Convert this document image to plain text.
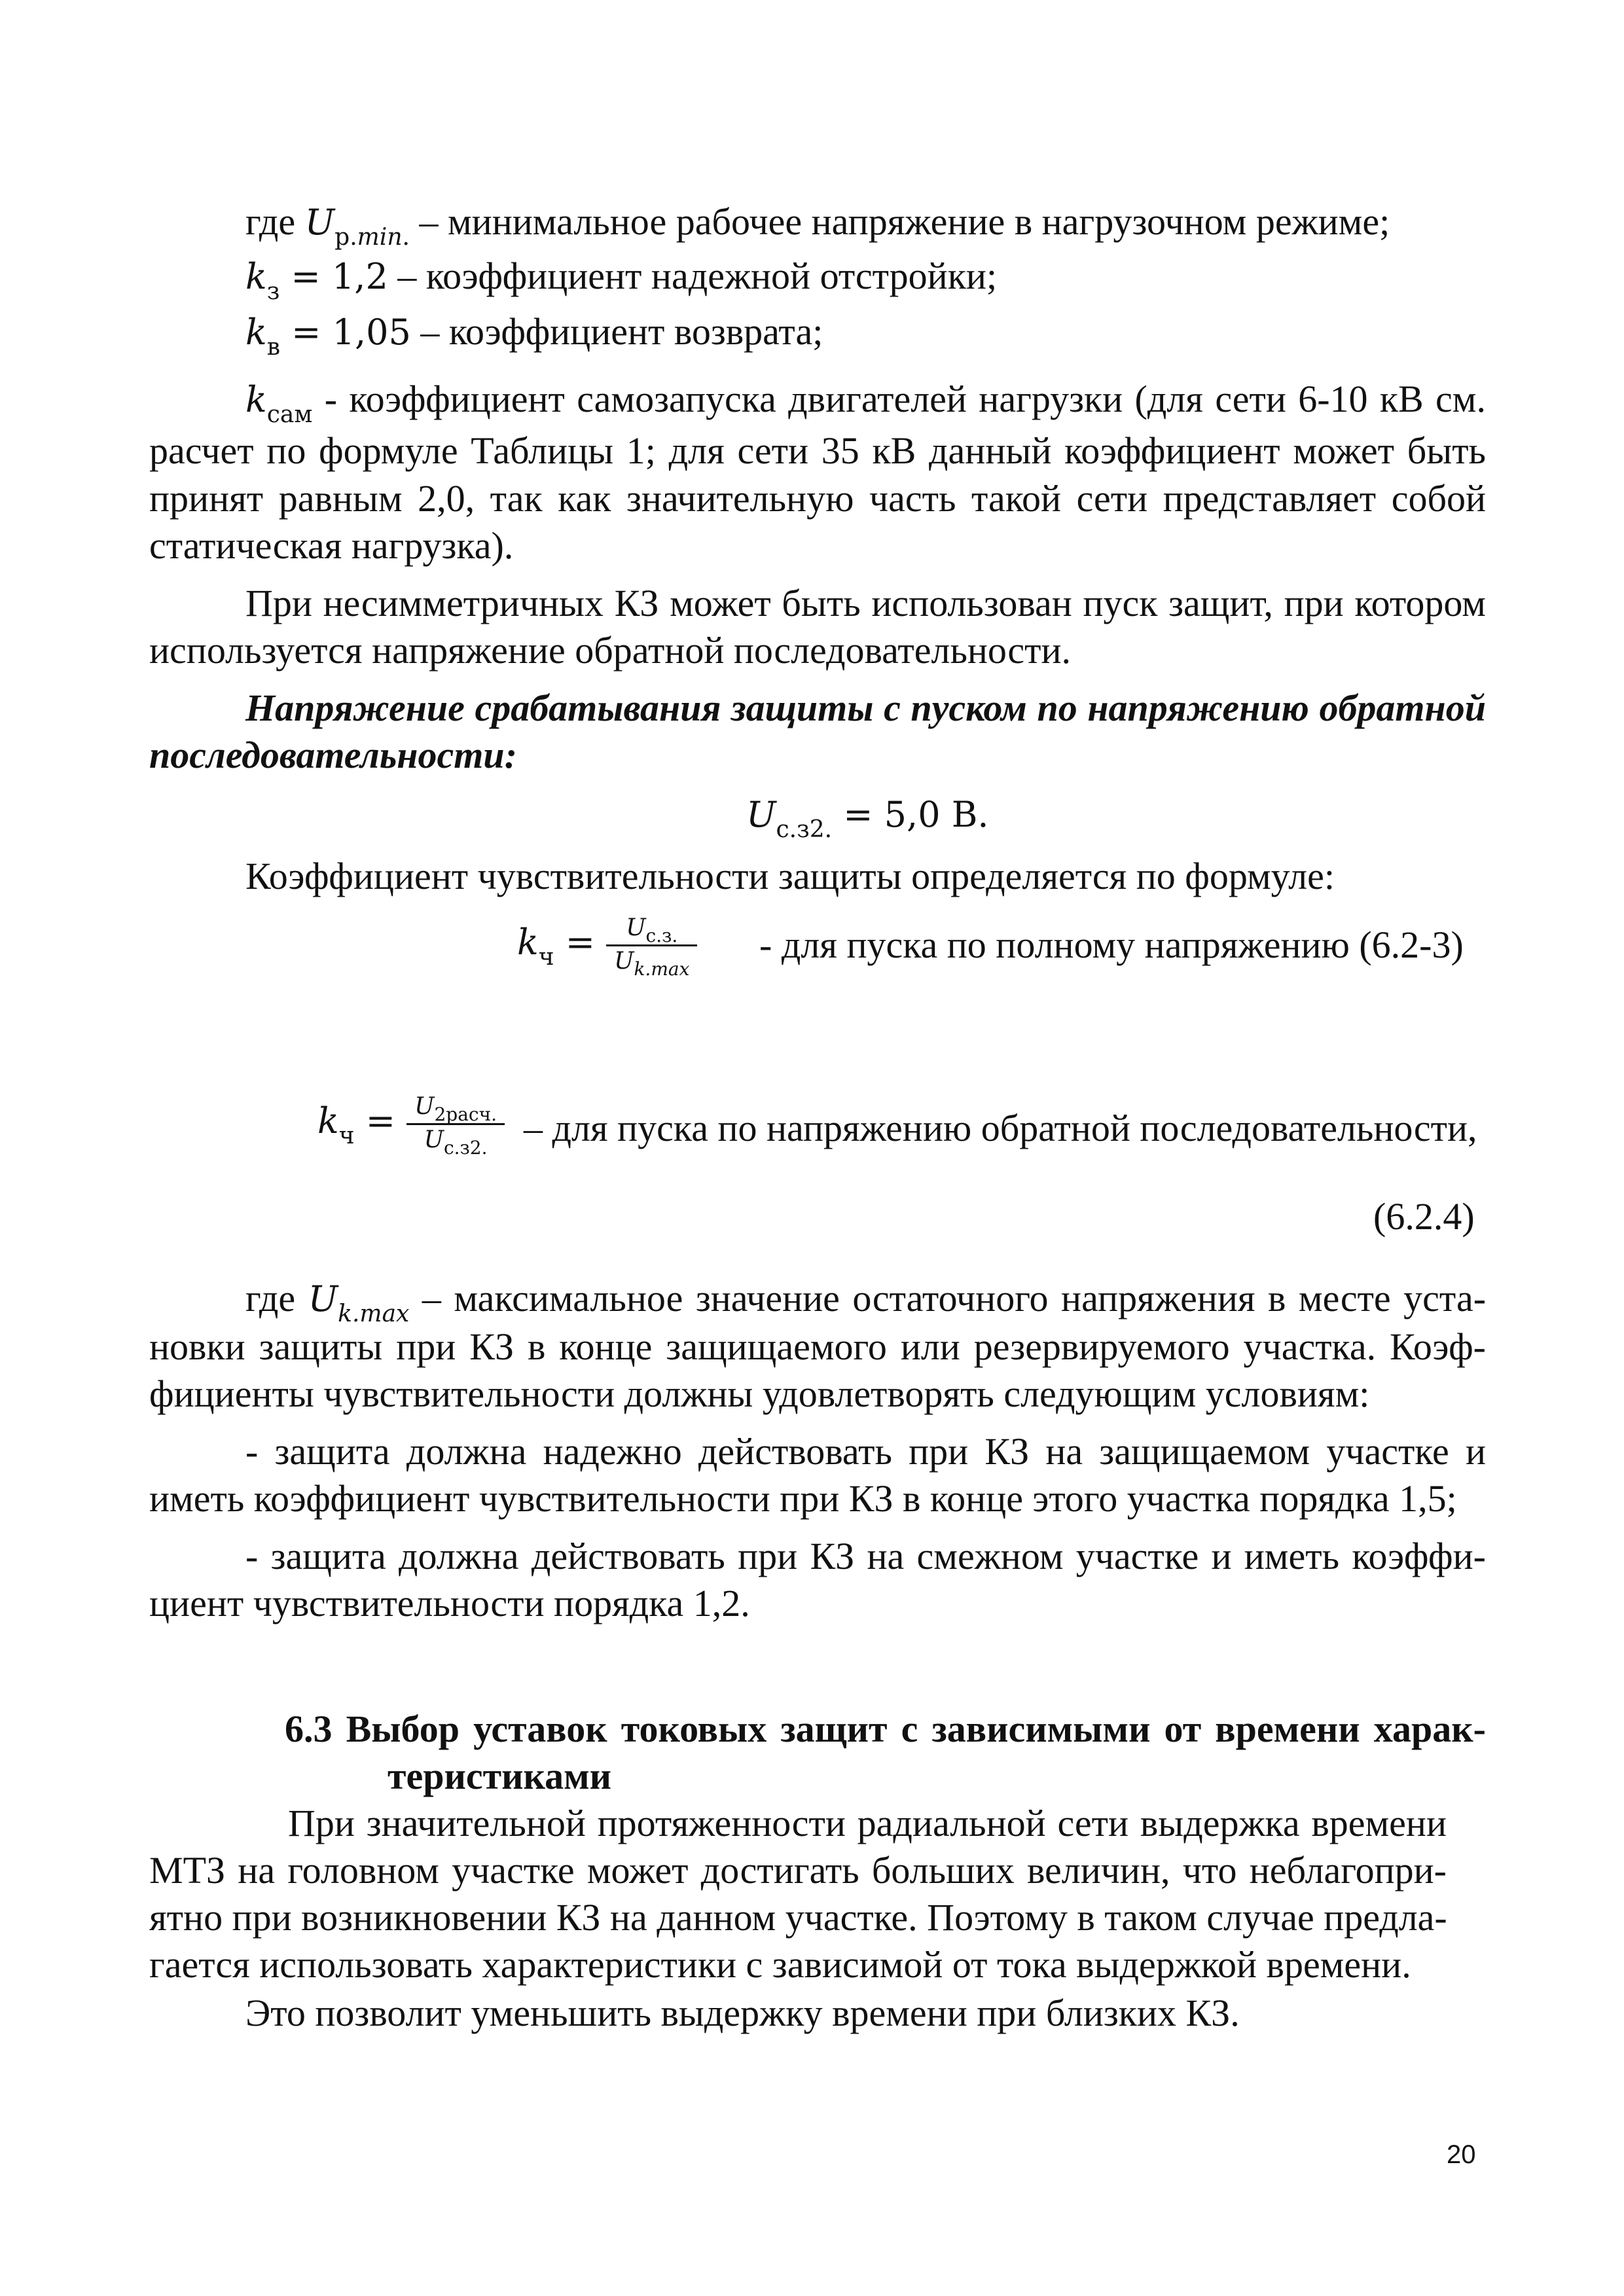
где $U_{р.min.}$ – минимальное рабочее напряжение в нагрузочном режиме;
$k_з = 1,2$ – коэффициент надежной отстройки;
$k_в = 1,05$ – коэффициент возврата;
$k_{сам}$ - коэффициент самозапуска двигателей нагрузки (для сети 6-10 кВ см.
расчет по формуле Таблицы 1; для сети 35 кВ данный коэффициент может быть
принят равным 2,0, так как значительную часть такой сети представляет собой
статическая нагрузка).
При несимметричных КЗ может быть использован пуск защит, при котором
используется напряжение обратной последовательности.
Напряжение срабатывания защиты с пуском по напряжению обратной
последовательности:
$U_{с.з2.} = 5,0$ В.
Коэффициент чувствительности защиты определяется по формуле:
$k_ч = \frac{U_{с.з.}}{U_{k.max}}$ - для пуска по полному напряжению (6.2-3)
$k_ч = \frac{U_{2расч.}}{U_{с.з2.}}$ – для пуска по напряжению обратной последовательности,
(6.2.4)
где $U_{k.max}$ – максимальное значение остаточного напряжения в месте уста-
новки защиты при КЗ в конце защищаемого или резервируемого участка. Коэф-
фициенты чувствительности должны удовлетворять следующим условиям:
- защита должна надежно действовать при КЗ на защищаемом участке и
иметь коэффициент чувствительности при КЗ в конце этого участка порядка 1,5;
- защита должна действовать при КЗ на смежном участке и иметь коэффи-
циент чувствительности порядка 1,2.
6.3 Выбор уставок токовых защит с зависимыми от времени харак-
теристиками
При значительной протяженности радиальной сети выдержка времени
МТЗ на головном участке может достигать больших величин, что неблагопри-
ятно при возникновении КЗ на данном участке. Поэтому в таком случае предла-
гается использовать характеристики с зависимой от тока выдержкой времени.
Это позволит уменьшить выдержку времени при близких КЗ.
20
